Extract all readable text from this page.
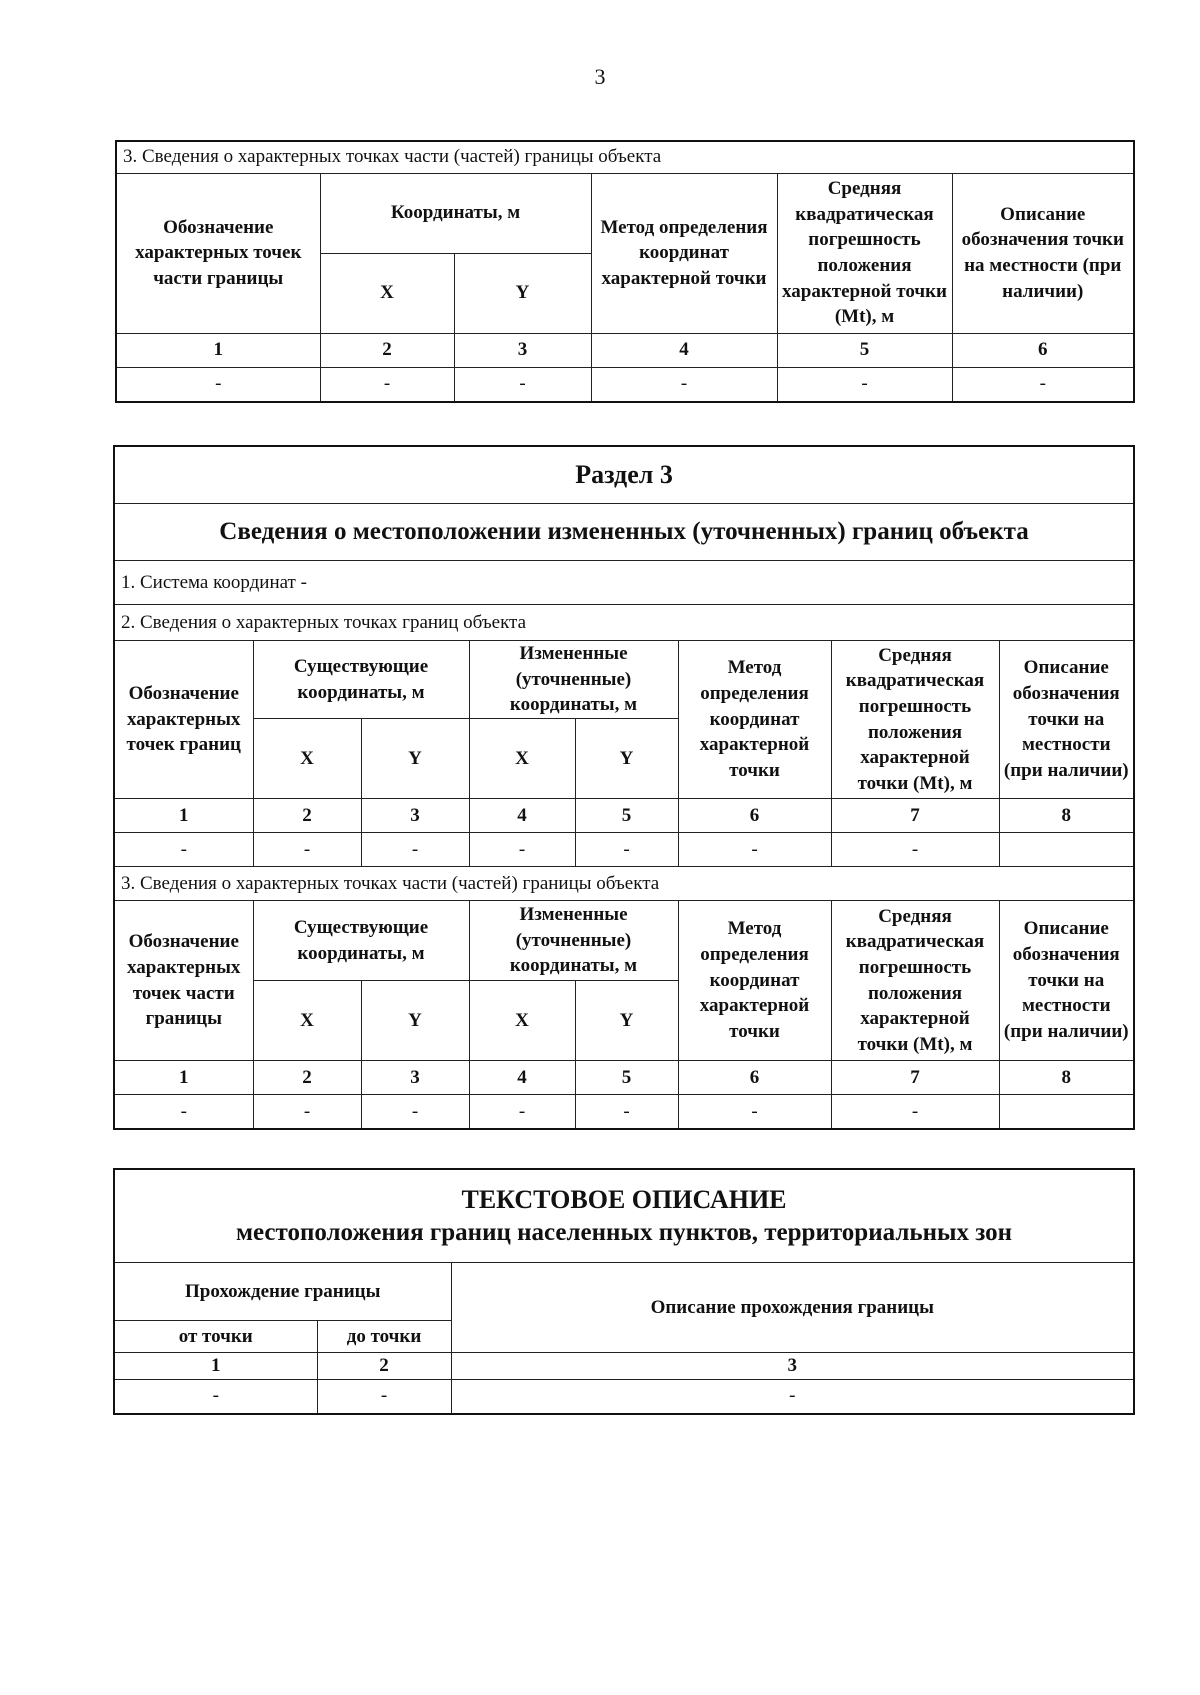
3
3. Сведения о характерных точках части (частей) границы объекта					
Обозначение характерных точек части границы	Координаты, м		Метод определения координат характерной точки	Средняя квадратическая погрешность положения характерной точки (Mt), м	Описание обозначения точки на местности (при наличии)
	X	Y			
1	2	3	4	5	6
-	-	-	-	-	-
Раздел 3							
Сведения о местоположении измененных (уточненных) границ объекта							
1. Система координат -							
2. Сведения о характерных точках границ объекта							
Обозначение характерных точек границ	Существующие координаты, м		Измененные (уточненные) координаты, м		Метод определения координат характерной точки	Средняя квадратическая погрешность положения характерной точки (Mt), м	Описание обозначения точки на местности (при наличии)
	X	Y	X	Y			
1	2	3	4	5	6	7	8
-	-	-	-	-	-	-	
3. Сведения о характерных точках части (частей) границы объекта							
Обозначение характерных точек части границы	Существующие координаты, м		Измененные (уточненные) координаты, м		Метод определения координат характерной точки	Средняя квадратическая погрешность положения характерной точки (Mt), м	Описание обозначения точки на местности (при наличии)
	X	Y	X	Y			
1	2	3	4	5	6	7	8
-	-	-	-	-	-	-	
ТЕКСТОВОЕ ОПИСАНИЕ
местоположения границ населенных пунктов, территориальных зон		
Прохождение границы		Описание прохождения границы
от точки	до точки	
1	2	3
-	-	-
